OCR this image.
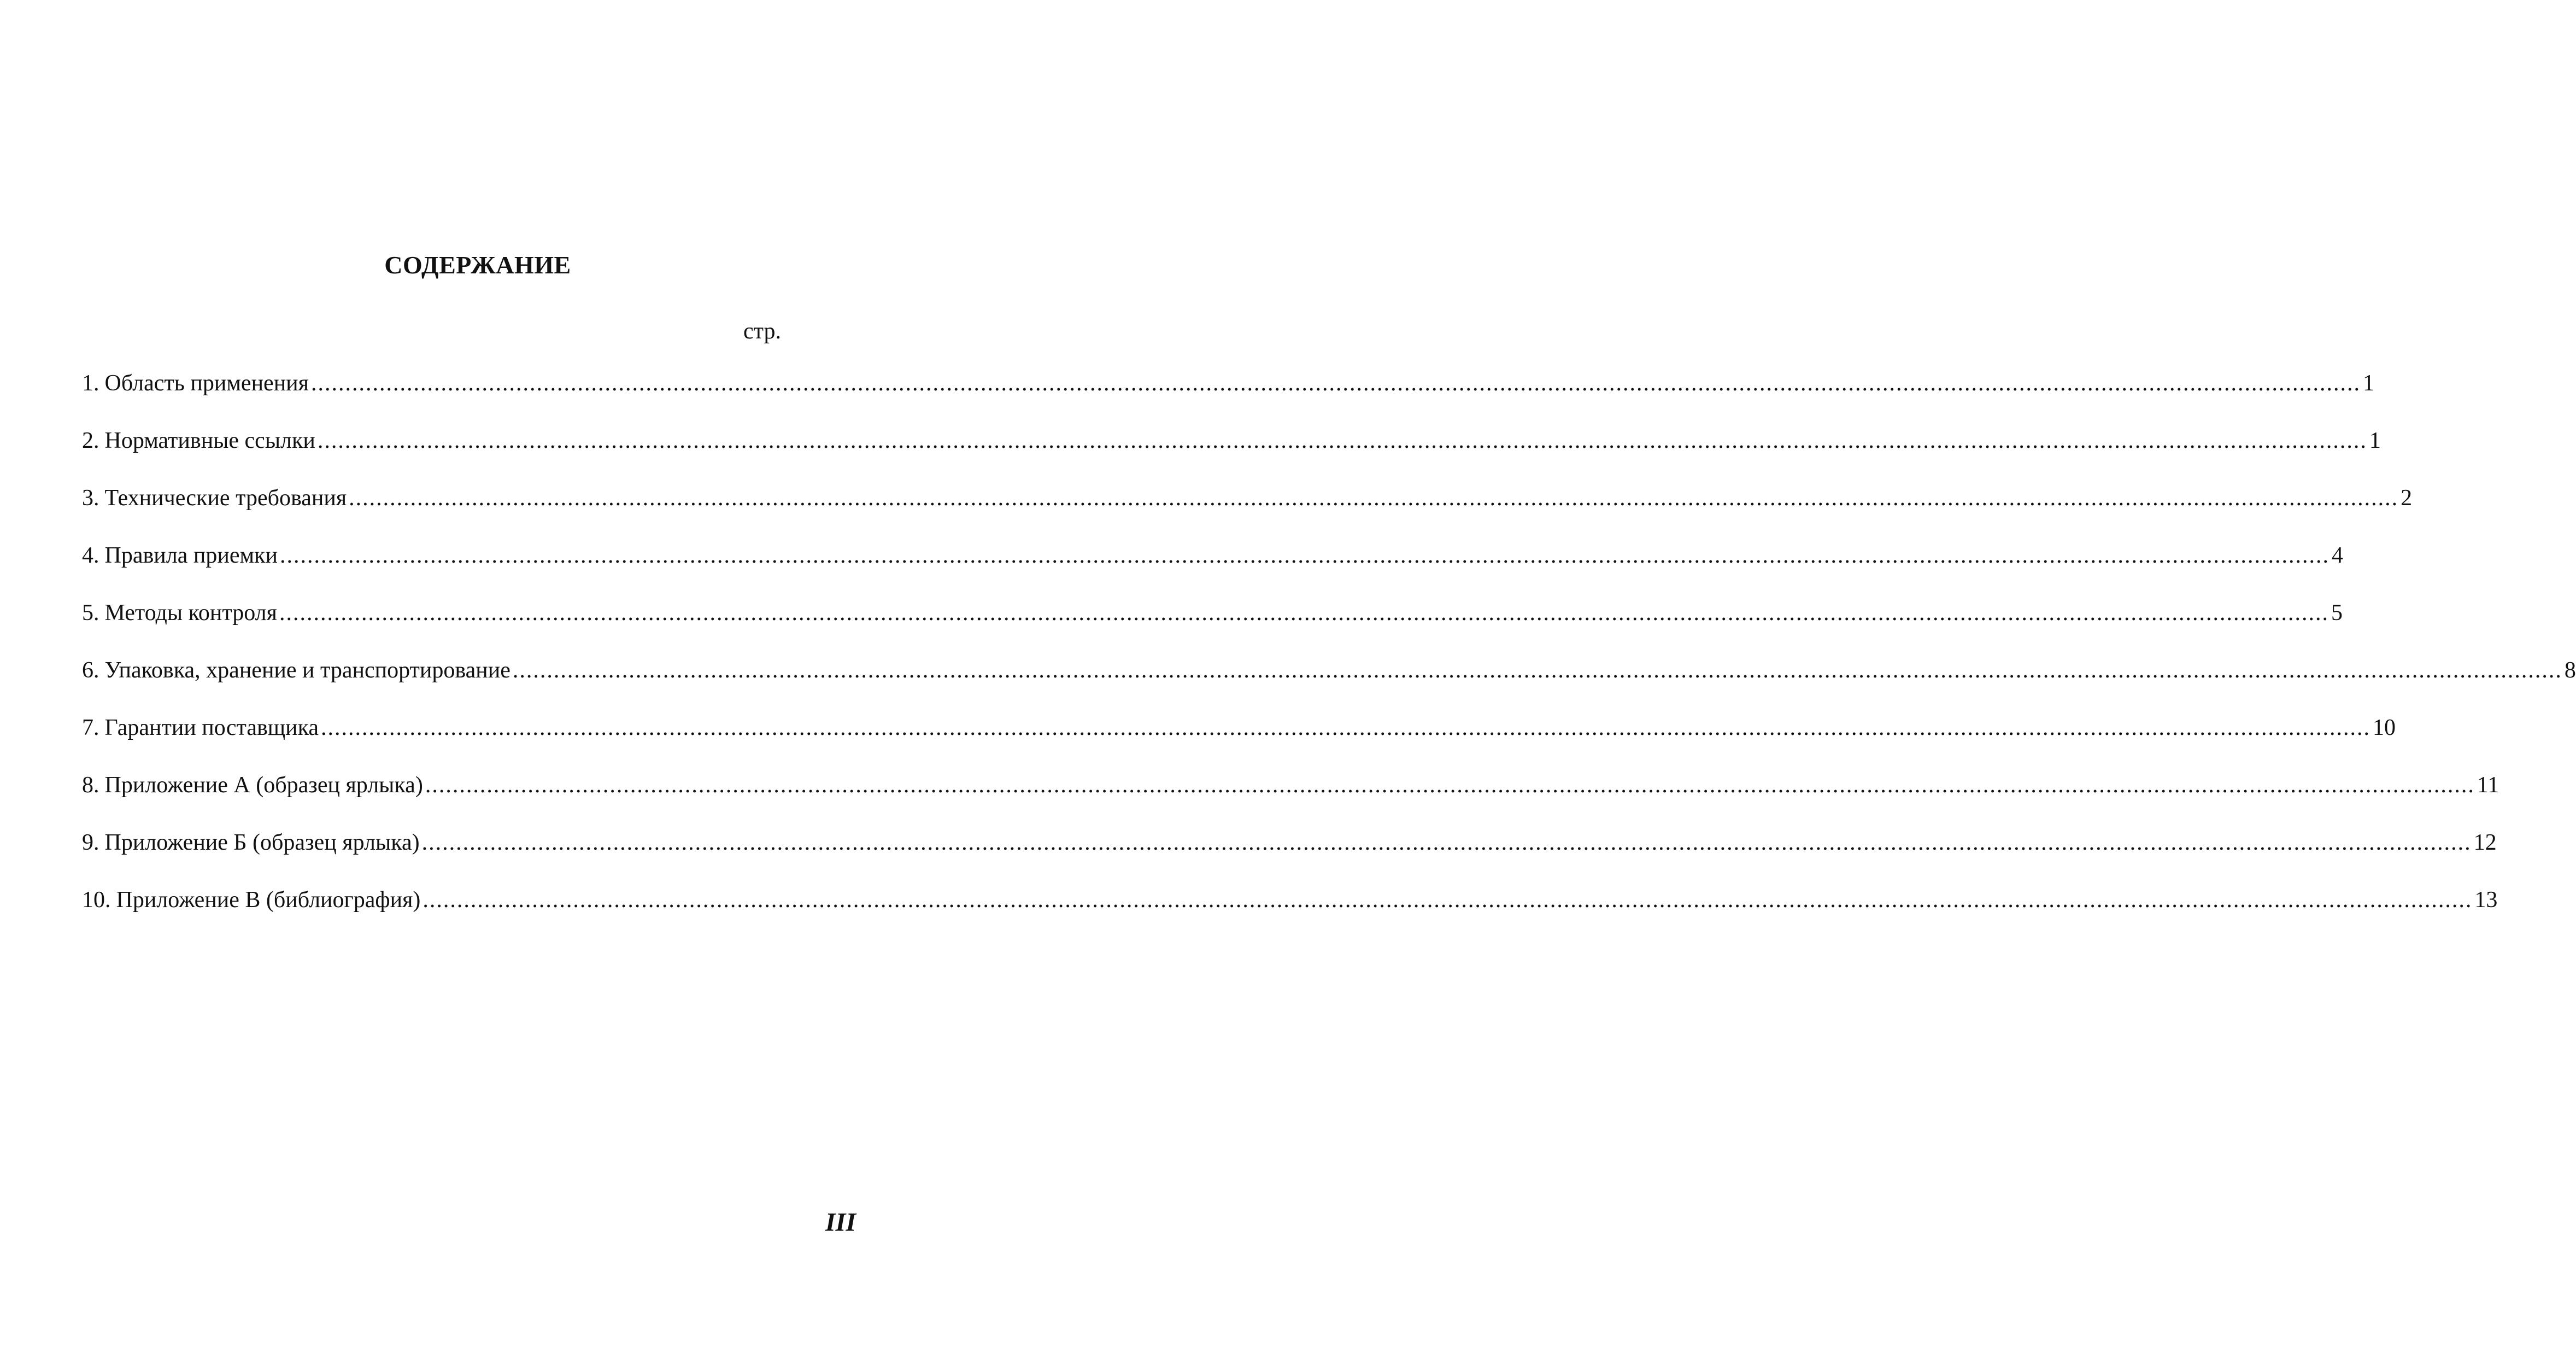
СОДЕРЖАНИЕ
стр.
1. Область применения ............................................................................................................................................................................................................................................................................................................ 1
2. Нормативные ссылки ............................................................................................................................................................................................................................................................................................................ 1
3. Технические требования ............................................................................................................................................................................................................................................................................................................ 2
4. Правила приемки ............................................................................................................................................................................................................................................................................................................ 4
5. Методы контроля ............................................................................................................................................................................................................................................................................................................ 5
6. Упаковка, хранение и транспортирование ............................................................................................................................................................................................................................................................................................................ 8
7. Гарантии поставщика ............................................................................................................................................................................................................................................................................................................ 10
8. Приложение А (образец ярлыка) ............................................................................................................................................................................................................................................................................................................ 11
9. Приложение Б (образец ярлыка) ............................................................................................................................................................................................................................................................................................................ 12
10. Приложение В (библиография) ............................................................................................................................................................................................................................................................................................................ 13
III
